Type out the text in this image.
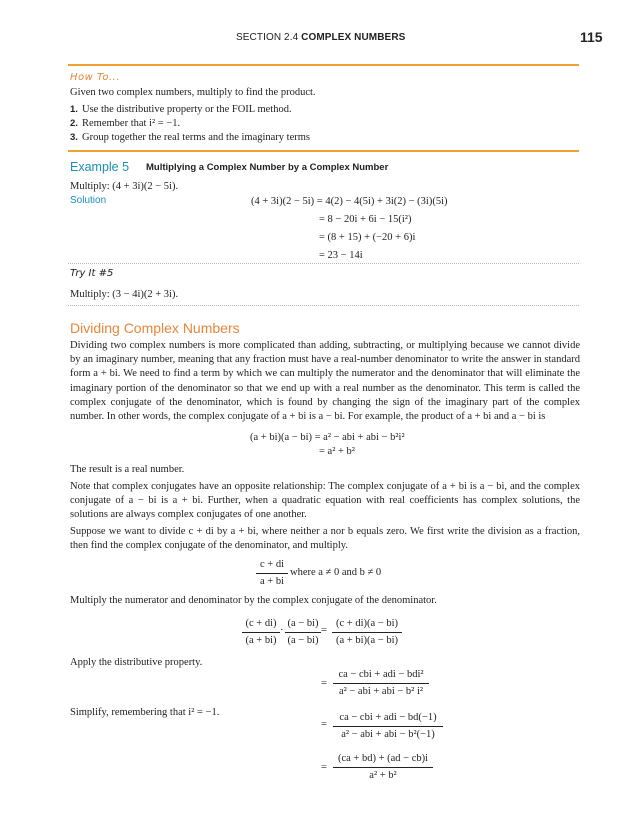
SECTION 2.4 COMPLEX NUMBERS	115
How To...
Given two complex numbers, multiply to find the product.
1. Use the distributive property or the FOIL method.
2. Remember that i² = −1.
3. Group together the real terms and the imaginary terms
Example 5 Multiplying a Complex Number by a Complex Number
Multiply: (4 + 3i)(2 − 5i).
Solution	(4 + 3i)(2 − 5i) = 4(2) − 4(5i) + 3i(2) − (3i)(5i)
= 8 − 20i + 6i − 15(i²)
= (8 + 15) + (−20 + 6)i
= 23 − 14i
Try It #5
Multiply: (3 − 4i)(2 + 3i).
Dividing Complex Numbers
Dividing two complex numbers is more complicated than adding, subtracting, or multiplying because we cannot divide by an imaginary number, meaning that any fraction must have a real-number denominator to write the answer in standard form a + bi. We need to find a term by which we can multiply the numerator and the denominator that will eliminate the imaginary portion of the denominator so that we end up with a real number as the denominator. This term is called the complex conjugate of the denominator, which is found by changing the sign of the imaginary part of the complex number. In other words, the complex conjugate of a + bi is a − bi. For example, the product of a + bi and a − bi is
(a + bi)(a − bi) = a² − abi + abi − b²i²
= a² + b²
The result is a real number.
Note that complex conjugates have an opposite relationship: The complex conjugate of a + bi is a − bi, and the complex conjugate of a − bi is a + bi. Further, when a quadratic equation with real coefficients has complex solutions, the solutions are always complex conjugates of one another.
Suppose we want to divide c + di by a + bi, where neither a nor b equals zero. We first write the division as a fraction, then find the complex conjugate of the denominator, and multiply.
c + di
a + bi
where a ≠ 0 and b ≠ 0
Multiply the numerator and denominator by the complex conjugate of the denominator.
(c + di)
(a + bi)
·
(a − bi)
(a − bi)
=
(c + di)(a − bi)
(a + bi)(a − bi)
Apply the distributive property.
=
ca − cbi + adi − bdi²
a² − abi + abi − b² i²
Simplify, remembering that i² = −1.
=
ca − cbi + adi − bd(−1)
a² − abi + abi − b²(−1)
=
(ca + bd) + (ad − cb)i
a² + b²
